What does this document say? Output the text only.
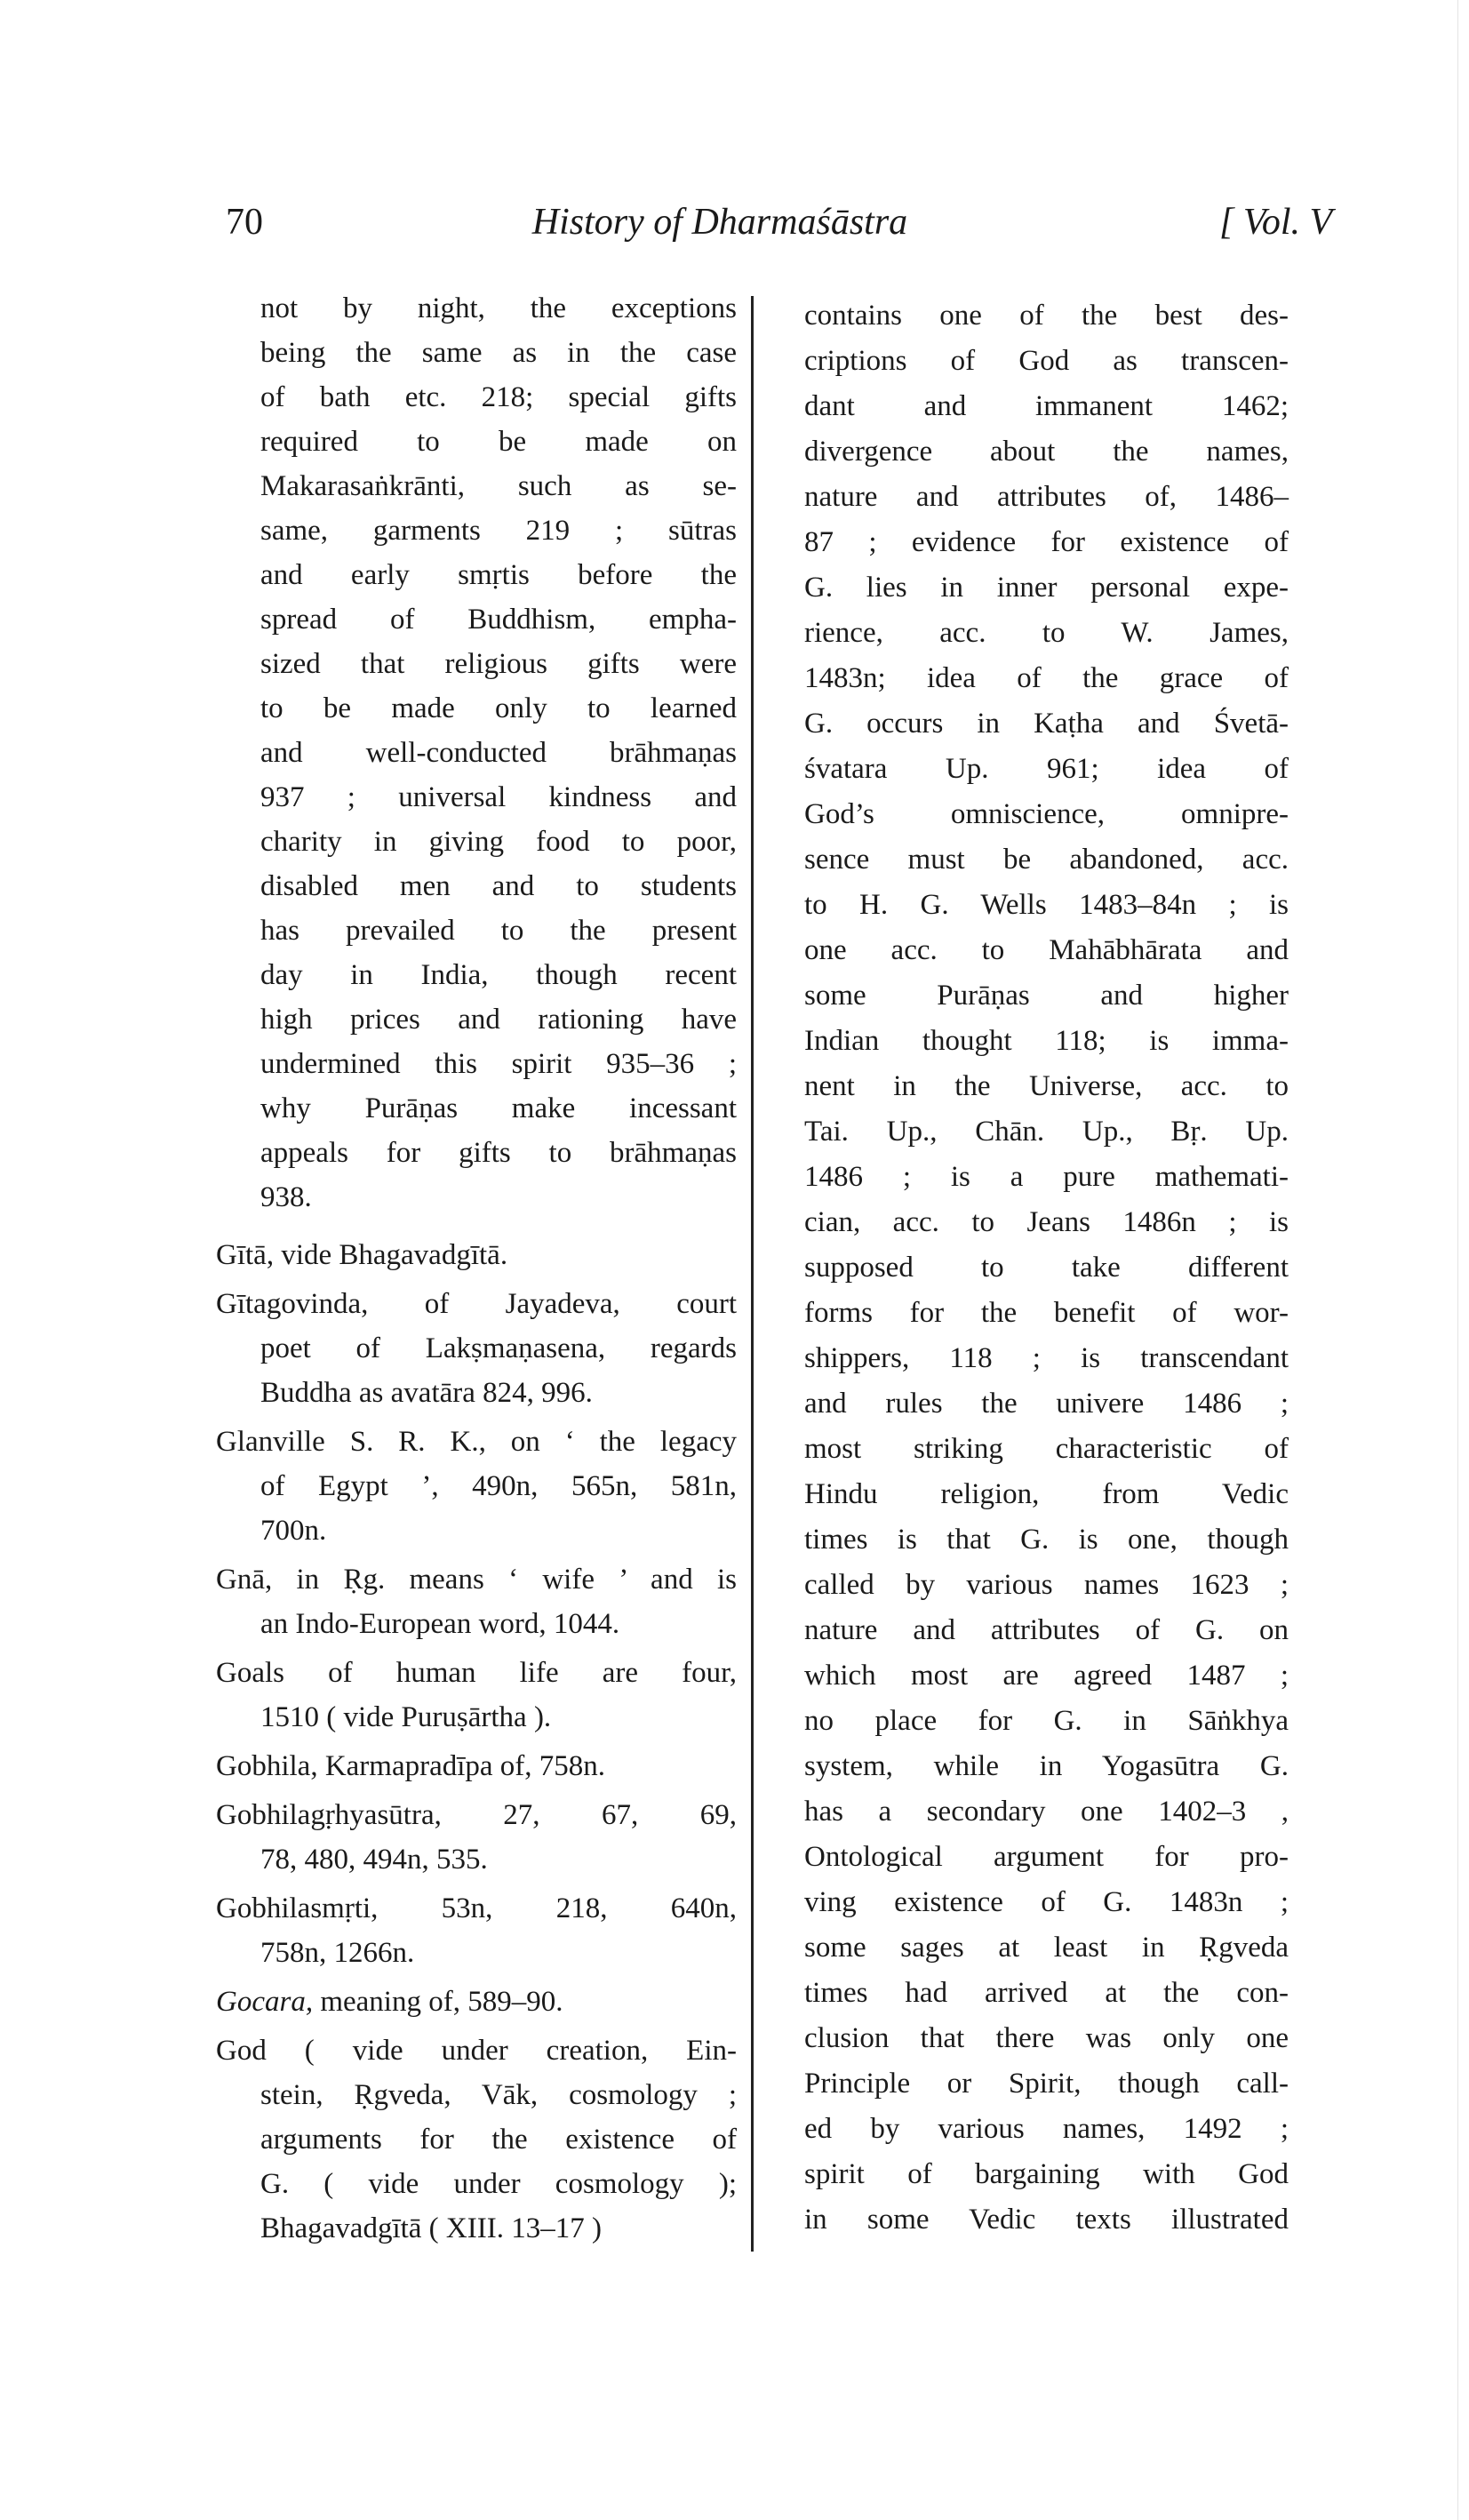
70	History of Dharmaśāstra	[ Vol. V
not by night, the exceptions
being the same as in the case
of bath etc. 218; special gifts
required to be made on
Makarasaṅkrānti, such as se-
same, garments 219 ; sūtras
and early smṛtis before the
spread of Buddhism, empha-
sized that religious gifts were
to be made only to learned
and well-conducted brāhmaṇas
937 ; universal kindness and
charity in giving food to poor,
disabled men and to students
has prevailed to the present
day in India, though recent
high prices and rationing have
undermined this spirit 935–36 ;
why Purāṇas make incessant
appeals for gifts to brāhmaṇas
938.
Gītā, vide Bhagavadgītā.
Gītagovinda, of Jayadeva, court
poet of Lakṣmaṇasena, regards
Buddha as avatāra 824, 996.
Glanville S. R. K., on ‘ the legacy
of Egypt ’, 490n, 565n, 581n,
700n.
Gnā, in Ṛg. means ‘ wife ’ and is
an Indo-European word, 1044.
Goals of human life are four,
1510 ( vide Puruṣārtha ).
Gobhila, Karmapradīpa of, 758n.
Gobhilagṛhyasūtra, 27, 67, 69,
78, 480, 494n, 535.
Gobhilasmṛti, 53n, 218, 640n,
758n, 1266n.
Gocara, meaning of, 589–90.
God ( vide under creation, Ein-
stein, Ṛgveda, Vāk, cosmology ;
arguments for the existence of
G. ( vide under cosmology );
Bhagavadgītā ( XIII. 13–17 )
contains one of the best des-
criptions of God as transcen-
dant and immanent 1462;
divergence about the names,
nature and attributes of, 1486–
87 ; evidence for existence of
G. lies in inner personal expe-
rience, acc. to W. James,
1483n; idea of the grace of
G. occurs in Kaṭha and Śvetā-
śvatara Up. 961; idea of
God’s omniscience, omnipre-
sence must be abandoned, acc.
to H. G. Wells 1483–84n ; is
one acc. to Mahābhārata and
some Purāṇas and higher
Indian thought 118; is imma-
nent in the Universe, acc. to
Tai. Up., Chān. Up., Bṛ. Up.
1486 ; is a pure mathemati-
cian, acc. to Jeans 1486n ; is
supposed to take different
forms for the benefit of wor-
shippers, 118 ; is transcendant
and rules the univere 1486 ;
most striking characteristic of
Hindu religion, from Vedic
times is that G. is one, though
called by various names 1623 ;
nature and attributes of G. on
which most are agreed 1487 ;
no place for G. in Sāṅkhya
system, while in Yogasūtra G.
has a secondary one 1402–3 ,
Ontological argument for pro-
ving existence of G. 1483n ;
some sages at least in Ṛgveda
times had arrived at the con-
clusion that there was only one
Principle or Spirit, though call-
ed by various names, 1492 ;
spirit of bargaining with God
in some Vedic texts illustrated
